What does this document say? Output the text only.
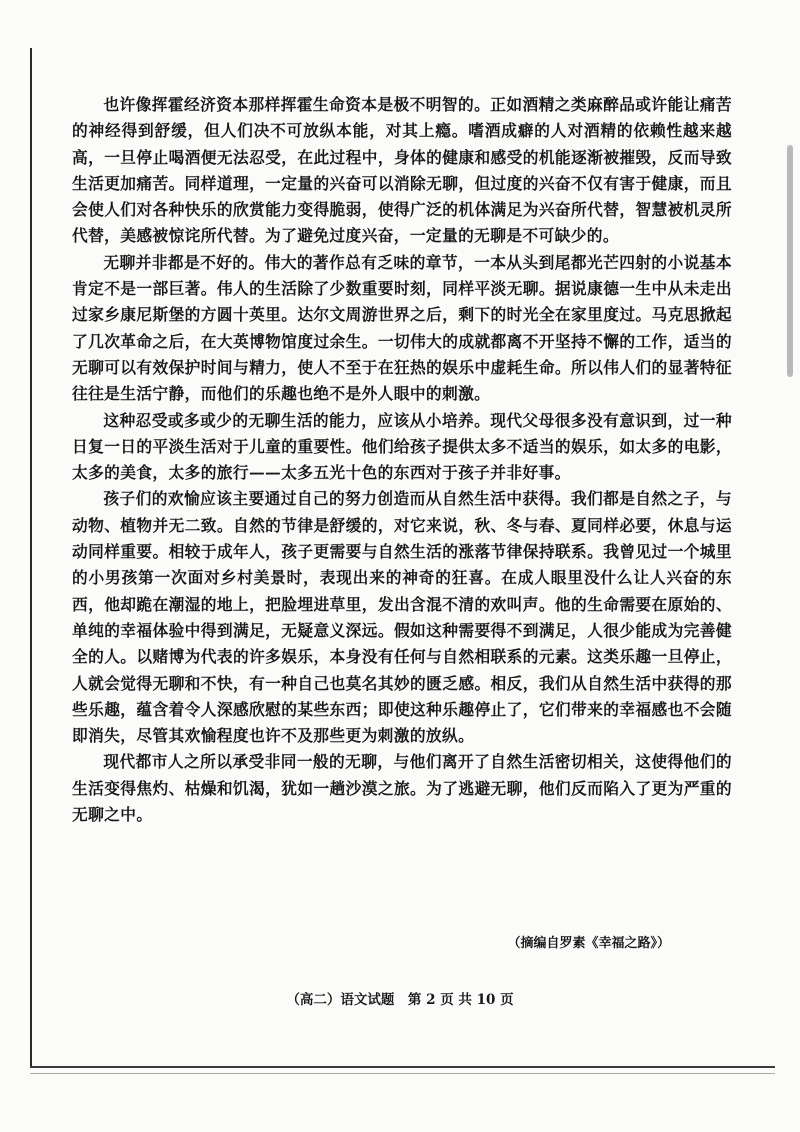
也许像挥霍经济资本那样挥霍生命资本是极不明智的。正如酒精之类麻醉品或许能让痛苦的神经得到舒缓，但人们决不可放纵本能，对其上瘾。嗜酒成癖的人对酒精的依赖性越来越高，一旦停止喝酒便无法忍受，在此过程中，身体的健康和感受的机能逐渐被摧毁，反而导致生活更加痛苦。同样道理，一定量的兴奋可以消除无聊，但过度的兴奋不仅有害于健康，而且会使人们对各种快乐的欣赏能力变得脆弱，使得广泛的机体满足为兴奋所代替，智慧被机灵所代替，美感被惊诧所代替。为了避免过度兴奋，一定量的无聊是不可缺少的。

无聊并非都是不好的。伟大的著作总有乏味的章节，一本从头到尾都光芒四射的小说基本肯定不是一部巨著。伟人的生活除了少数重要时刻，同样平淡无聊。据说康德一生中从未走出过家乡康尼斯堡的方圆十英里。达尔文周游世界之后，剩下的时光全在家里度过。马克思掀起了几次革命之后，在大英博物馆度过余生。一切伟大的成就都离不开坚持不懈的工作，适当的无聊可以有效保护时间与精力，使人不至于在狂热的娱乐中虚耗生命。所以伟人们的显著特征往往是生活宁静，而他们的乐趣也绝不是外人眼中的刺激。

这种忍受或多或少的无聊生活的能力，应该从小培养。现代父母很多没有意识到，过一种日复一日的平淡生活对于儿童的重要性。他们给孩子提供太多不适当的娱乐，如太多的电影，太多的美食，太多的旅行——太多五光十色的东西对于孩子并非好事。

孩子们的欢愉应该主要通过自己的努力创造而从自然生活中获得。我们都是自然之子，与动物、植物并无二致。自然的节律是舒缓的，对它来说，秋、冬与春、夏同样必要，休息与运动同样重要。相较于成年人，孩子更需要与自然生活的涨落节律保持联系。我曾见过一个城里的小男孩第一次面对乡村美景时，表现出来的神奇的狂喜。在成人眼里没什么让人兴奋的东西，他却跪在潮湿的地上，把脸埋进草里，发出含混不清的欢叫声。他的生命需要在原始的、单纯的幸福体验中得到满足，无疑意义深远。假如这种需要得不到满足，人很少能成为完善健全的人。以赌博为代表的许多娱乐，本身没有任何与自然相联系的元素。这类乐趣一旦停止，人就会觉得无聊和不快，有一种自己也莫名其妙的匮乏感。相反，我们从自然生活中获得的那些乐趣，蕴含着令人深感欣慰的某些东西；即使这种乐趣停止了，它们带来的幸福感也不会随即消失，尽管其欢愉程度也许不及那些更为刺激的放纵。

现代都市人之所以承受非同一般的无聊，与他们离开了自然生活密切相关，这使得他们的生活变得焦灼、枯燥和饥渴，犹如一趟沙漠之旅。为了逃避无聊，他们反而陷入了更为严重的无聊之中。

（摘编自罗素《幸福之路》）
（高二）语文试题　第 2 页 共 10 页
